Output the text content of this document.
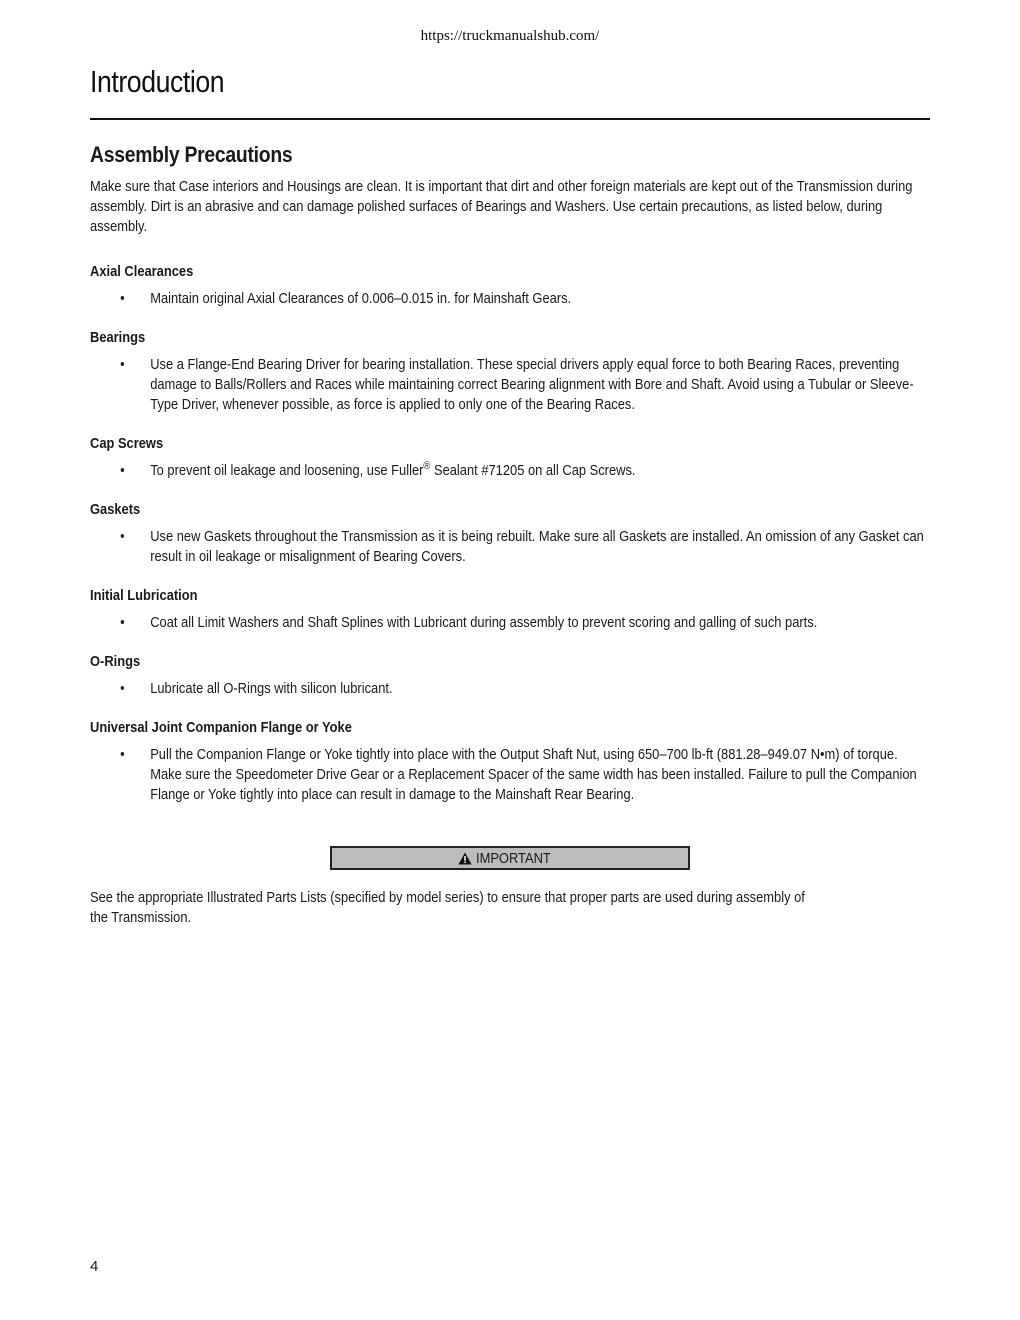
https://truckmanualshub.com/
Introduction
Assembly Precautions

Make sure that Case interiors and Housings are clean. It is important that dirt and other foreign materials are kept out of the Transmission during assembly. Dirt is an abrasive and can damage polished surfaces of Bearings and Washers. Use certain precautions, as listed below, during assembly.

Axial Clearances
• Maintain original Axial Clearances of 0.006–0.015 in. for Mainshaft Gears.
Bearings
• Use a Flange-End Bearing Driver for bearing installation. These special drivers apply equal force to both Bearing Races, preventing damage to Balls/Rollers and Races while maintaining correct Bearing alignment with Bore and Shaft. Avoid using a Tubular or Sleeve-Type Driver, whenever possible, as force is applied to only one of the Bearing Races.
Cap Screws
• To prevent oil leakage and loosening, use Fuller® Sealant #71205 on all Cap Screws.
Gaskets
• Use new Gaskets throughout the Transmission as it is being rebuilt. Make sure all Gaskets are installed. An omission of any Gasket can result in oil leakage or misalignment of Bearing Covers.
Initial Lubrication
• Coat all Limit Washers and Shaft Splines with Lubricant during assembly to prevent scoring and galling of such parts.
O-Rings
• Lubricate all O-Rings with silicon lubricant.
Universal Joint Companion Flange or Yoke
• Pull the Companion Flange or Yoke tightly into place with the Output Shaft Nut, using 650–700 lb-ft (881.28–949.07 N•m) of torque. Make sure the Speedometer Drive Gear or a Replacement Spacer of the same width has been installed. Failure to pull the Companion Flange or Yoke tightly into place can result in damage to the Mainshaft Rear Bearing.
IMPORTANT

See the appropriate Illustrated Parts Lists (specified by model series) to ensure that proper parts are used during assembly of the Transmission.

4
